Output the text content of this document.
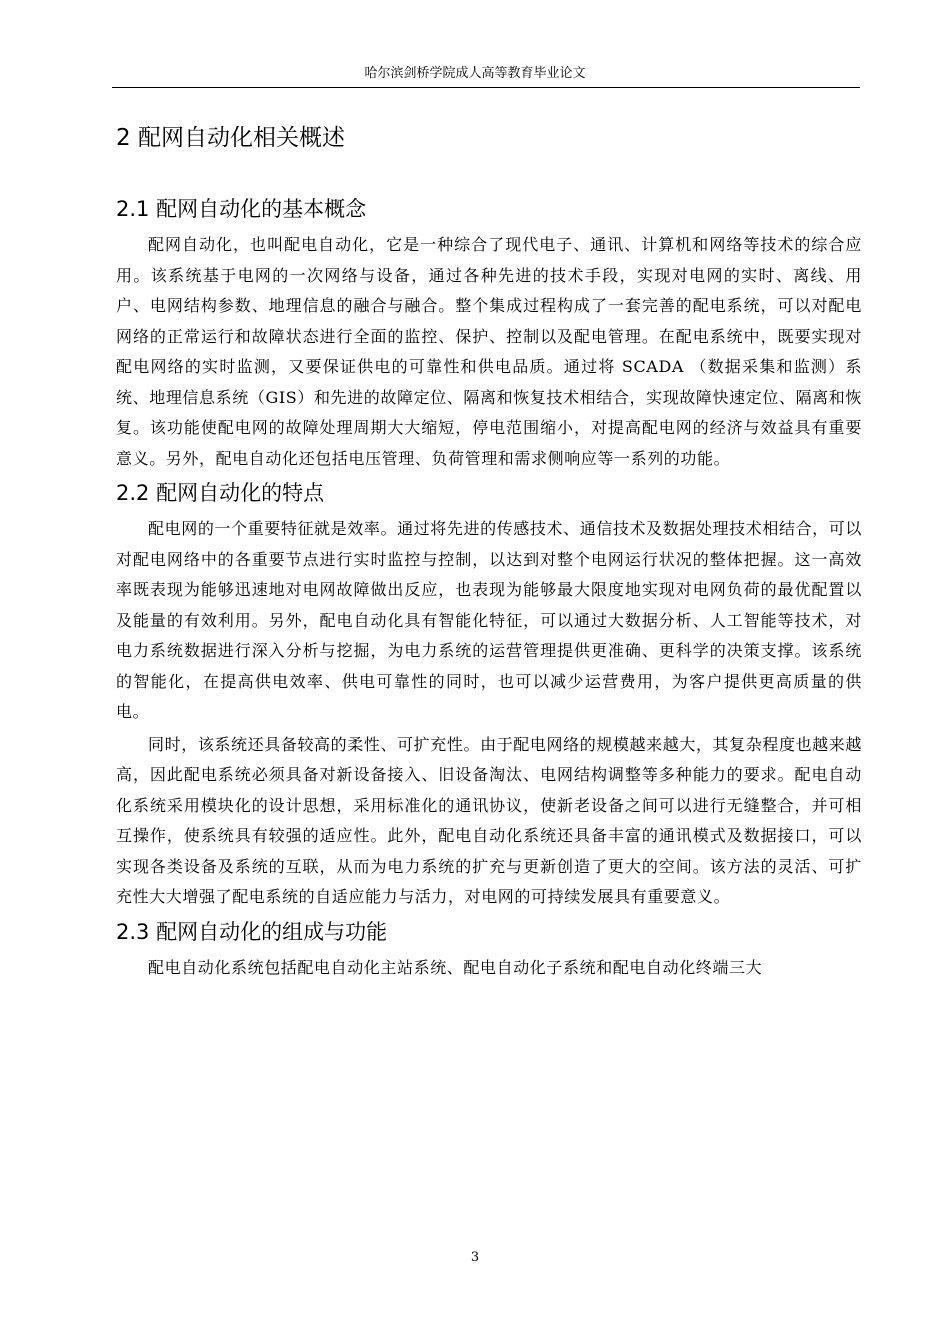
哈尔滨剑桥学院成人高等教育毕业论文
2 配网自动化相关概述
2.1 配网自动化的基本概念

配网自动化，也叫配电自动化，它是一种综合了现代电子、通讯、计算机和网络等技术的综合应用。该系统基于电网的一次网络与设备，通过各种先进的技术手段，实现对电网的实时、离线、用户、电网结构参数、地理信息的融合与融合。整个集成过程构成了一套完善的配电系统，可以对配电网络的正常运行和故障状态进行全面的监控、保护、控制以及配电管理。在配电系统中，既要实现对配电网络的实时监测，又要保证供电的可靠性和供电品质。通过将 SCADA （数据采集和监测）系统、地理信息系统（GIS）和先进的故障定位、隔离和恢复技术相结合，实现故障快速定位、隔离和恢复。该功能使配电网的故障处理周期大大缩短，停电范围缩小，对提高配电网的经济与效益具有重要意义。另外，配电自动化还包括电压管理、负荷管理和需求侧响应等一系列的功能。

2.2 配网自动化的特点

配电网的一个重要特征就是效率。通过将先进的传感技术、通信技术及数据处理技术相结合，可以对配电网络中的各重要节点进行实时监控与控制，以达到对整个电网运行状况的整体把握。这一高效率既表现为能够迅速地对电网故障做出反应，也表现为能够最大限度地实现对电网负荷的最优配置以及能量的有效利用。另外，配电自动化具有智能化特征，可以通过大数据分析、人工智能等技术，对电力系统数据进行深入分析与挖掘，为电力系统的运营管理提供更准确、更科学的决策支撑。该系统的智能化，在提高供电效率、供电可靠性的同时，也可以减少运营费用，为客户提供更高质量的供电。

同时，该系统还具备较高的柔性、可扩充性。由于配电网络的规模越来越大，其复杂程度也越来越高，因此配电系统必须具备对新设备接入、旧设备淘汰、电网结构调整等多种能力的要求。配电自动化系统采用模块化的设计思想，采用标准化的通讯协议，使新老设备之间可以进行无缝整合，并可相互操作，使系统具有较强的适应性。此外，配电自动化系统还具备丰富的通讯模式及数据接口，可以实现各类设备及系统的互联，从而为电力系统的扩充与更新创造了更大的空间。该方法的灵活、可扩充性大大增强了配电系统的自适应能力与活力，对电网的可持续发展具有重要意义。

2.3 配网自动化的组成与功能

配电自动化系统包括配电自动化主站系统、配电自动化子系统和配电自动化终端三大

3
